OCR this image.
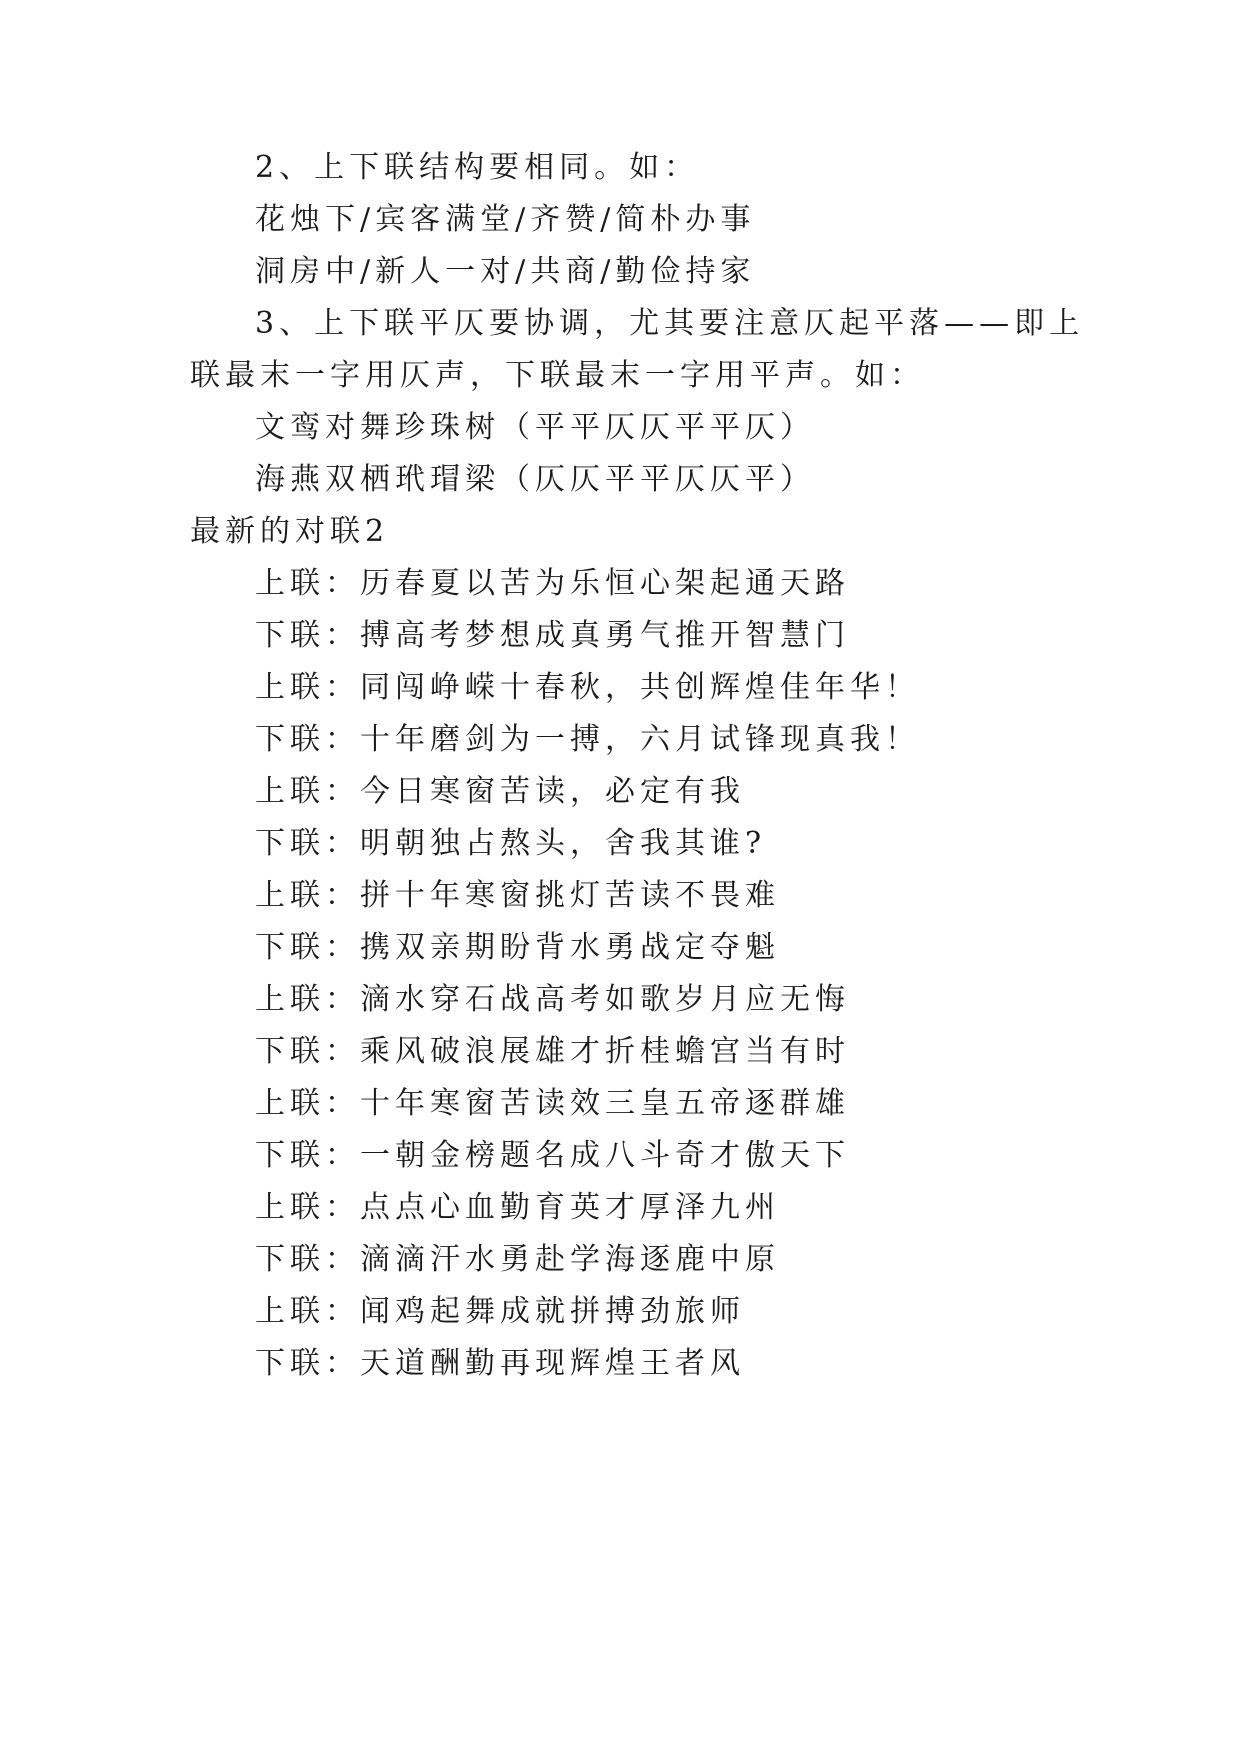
2、上下联结构要相同。如：

花烛下/宾客满堂/齐赞/简朴办事

洞房中/新人一对/共商/勤俭持家

3、上下联平仄要协调，尤其要注意仄起平落——即上

联最末一字用仄声，下联最末一字用平声。如：

文鸾对舞珍珠树（平平仄仄平平仄）

海燕双栖玳瑁梁（仄仄平平仄仄平）

最新的对联2

上联：历春夏以苦为乐恒心架起通天路

下联：搏高考梦想成真勇气推开智慧门

上联：同闯峥嵘十春秋，共创辉煌佳年华！

下联：十年磨剑为一搏，六月试锋现真我！

上联：今日寒窗苦读，必定有我

下联：明朝独占熬头，舍我其谁?

上联：拼十年寒窗挑灯苦读不畏难

下联：携双亲期盼背水勇战定夺魁

上联：滴水穿石战高考如歌岁月应无悔

下联：乘风破浪展雄才折桂蟾宫当有时

上联：十年寒窗苦读效三皇五帝逐群雄

下联：一朝金榜题名成八斗奇才傲天下

上联：点点心血勤育英才厚泽九州

下联：滴滴汗水勇赴学海逐鹿中原

上联：闻鸡起舞成就拼搏劲旅师

下联：天道酬勤再现辉煌王者风
